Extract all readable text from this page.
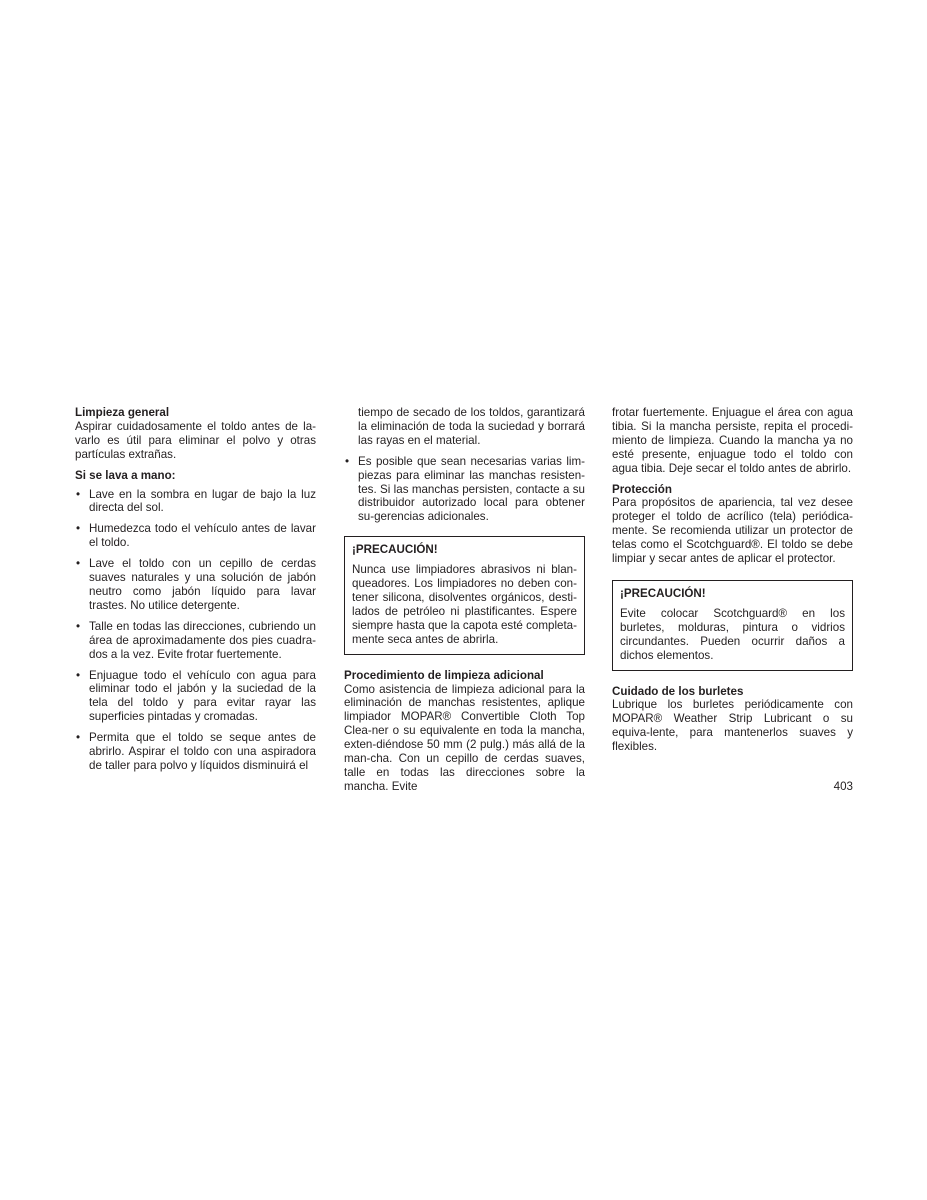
Limpieza general

Aspirar cuidadosamente el toldo antes de la-varlo es útil para eliminar el polvo y otras partículas extrañas.

Si se lava a mano:
• Lave en la sombra en lugar de bajo la luz directa del sol.
• Humedezca todo el vehículo antes de lavar el toldo.
• Lave el toldo con un cepillo de cerdas suaves naturales y una solución de jabón neutro como jabón líquido para lavar trastes. No utilice detergente.
• Talle en todas las direcciones, cubriendo un área de aproximadamente dos pies cuadra-dos a la vez. Evite frotar fuertemente.
• Enjuague todo el vehículo con agua para eliminar todo el jabón y la suciedad de la tela del toldo y para evitar rayar las superficies pintadas y cromadas.
• Permita que el toldo se seque antes de abrirlo. Aspirar el toldo con una aspiradora de taller para polvo y líquidos disminuirá el
tiempo de secado de los toldos, garantizará la eliminación de toda la suciedad y borrará las rayas en el material.
• Es posible que sean necesarias varias lim-piezas para eliminar las manchas resisten-tes. Si las manchas persisten, contacte a su distribuidor autorizado local para obtener su-gerencias adicionales.
¡PRECAUCIÓN!

Nunca use limpiadores abrasivos ni blan-queadores. Los limpiadores no deben con-tener silicona, disolventes orgánicos, desti-lados de petróleo ni plastificantes. Espere siempre hasta que la capota esté completa-mente seca antes de abrirla.

Procedimiento de limpieza adicional

Como asistencia de limpieza adicional para la eliminación de manchas resistentes, aplique limpiador MOPAR® Convertible Cloth Top Clea-ner o su equivalente en toda la mancha, exten-diéndose 50 mm (2 pulg.) más allá de la man-cha. Con un cepillo de cerdas suaves, talle en todas las direcciones sobre la mancha. Evite

frotar fuertemente. Enjuague el área con agua tibia. Si la mancha persiste, repita el procedi-miento de limpieza. Cuando la mancha ya no esté presente, enjuague todo el toldo con agua tibia. Deje secar el toldo antes de abrirlo.

Protección

Para propósitos de apariencia, tal vez desee proteger el toldo de acrílico (tela) periódica-mente. Se recomienda utilizar un protector de telas como el Scotchguard®. El toldo se debe limpiar y secar antes de aplicar el protector.

¡PRECAUCIÓN!

Evite colocar Scotchguard® en los burletes, molduras, pintura o vidrios circundantes. Pueden ocurrir daños a dichos elementos.

Cuidado de los burletes

Lubrique los burletes periódicamente con MOPAR® Weather Strip Lubricant o su equiva-lente, para mantenerlos suaves y flexibles.

403
